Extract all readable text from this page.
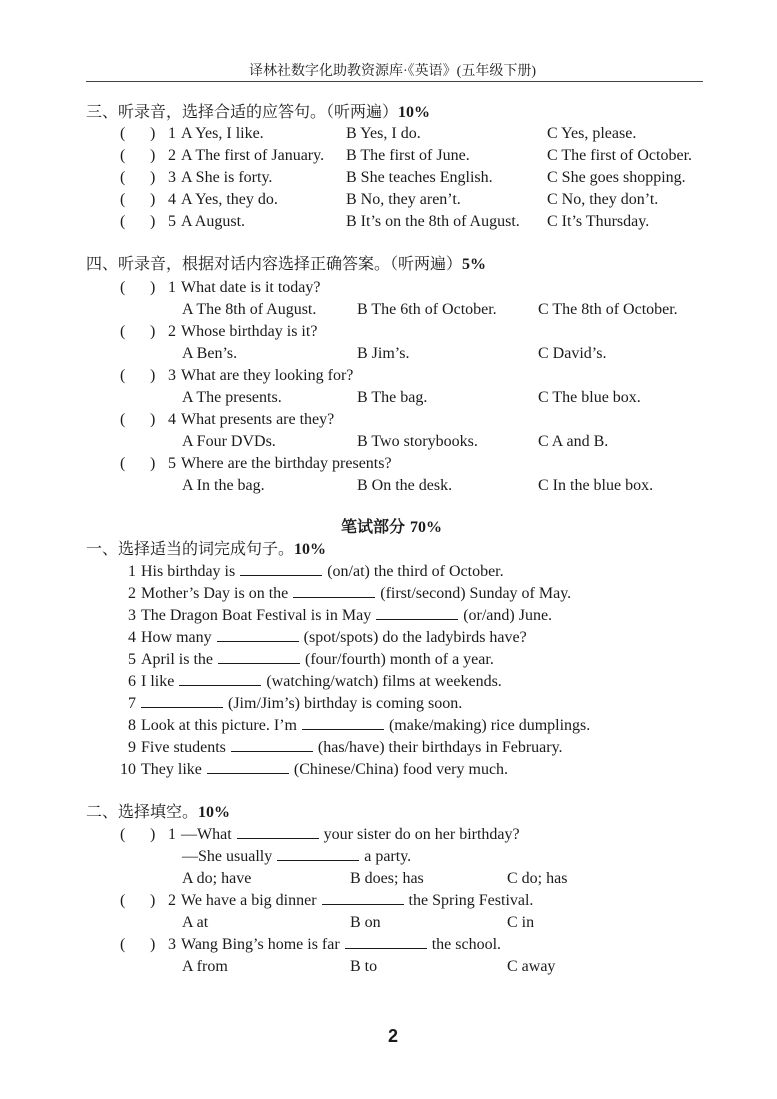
译林社数字化助教资源库·《英语》(五年级下册)
三、听录音，选择合适的应答句。（听两遍）10%
( ) 1 A Yes, I like.	B Yes, I do.	C Yes, please.
( ) 2 A The first of January. B The first of June.	C The first of October.
( ) 3 A She is forty.	B She teaches English.	C She goes shopping.
( ) 4 A Yes, they do.	B No, they aren’t.	C No, they don’t.
( ) 5 A August.	B It’s on the 8th of August. C It’s Thursday.
四、听录音，根据对话内容选择正确答案。（听两遍）5%
( ) 1 What date is it today?
A The 8th of August.	B The 6th of October.	C The 8th of October.
( ) 2 Whose birthday is it?
A Ben’s.	B Jim’s.	C David’s.
( ) 3 What are they looking for?
A The presents.	B The bag.	C The blue box.
( ) 4 What presents are they?
A Four DVDs.	B Two storybooks.	C A and B.
( ) 5 Where are the birthday presents?
A In the bag.	B On the desk.	C In the blue box.
笔试部分 70%
一、选择适当的词完成句子。10%
1 His birthday is	(on/at) the third of October.
2 Mother’s Day is on the	(first/second) Sunday of May.
3 The Dragon Boat Festival is in May	(or/and) June.
4 How many	(spot/spots) do the ladybirds have?
5 April is the	(four/fourth) month of a year.
6 I like	(watching/watch) films at weekends.
7	(Jim/Jim’s) birthday is coming soon.
8 Look at this picture. I’m	(make/making) rice dumplings.
9 Five students	(has/have) their birthdays in February.
10 They like	(Chinese/China) food very much.
二、选择填空。10%
( ) 1 —What	your sister do on her birthday?
—She usually	a party.
A do; have	B does; has	C do; has
( ) 2 We have a big dinner	the Spring Festival.
A at	B on	C in
( ) 3 Wang Bing’s home is far	the school.
A from	B to	C away
2
